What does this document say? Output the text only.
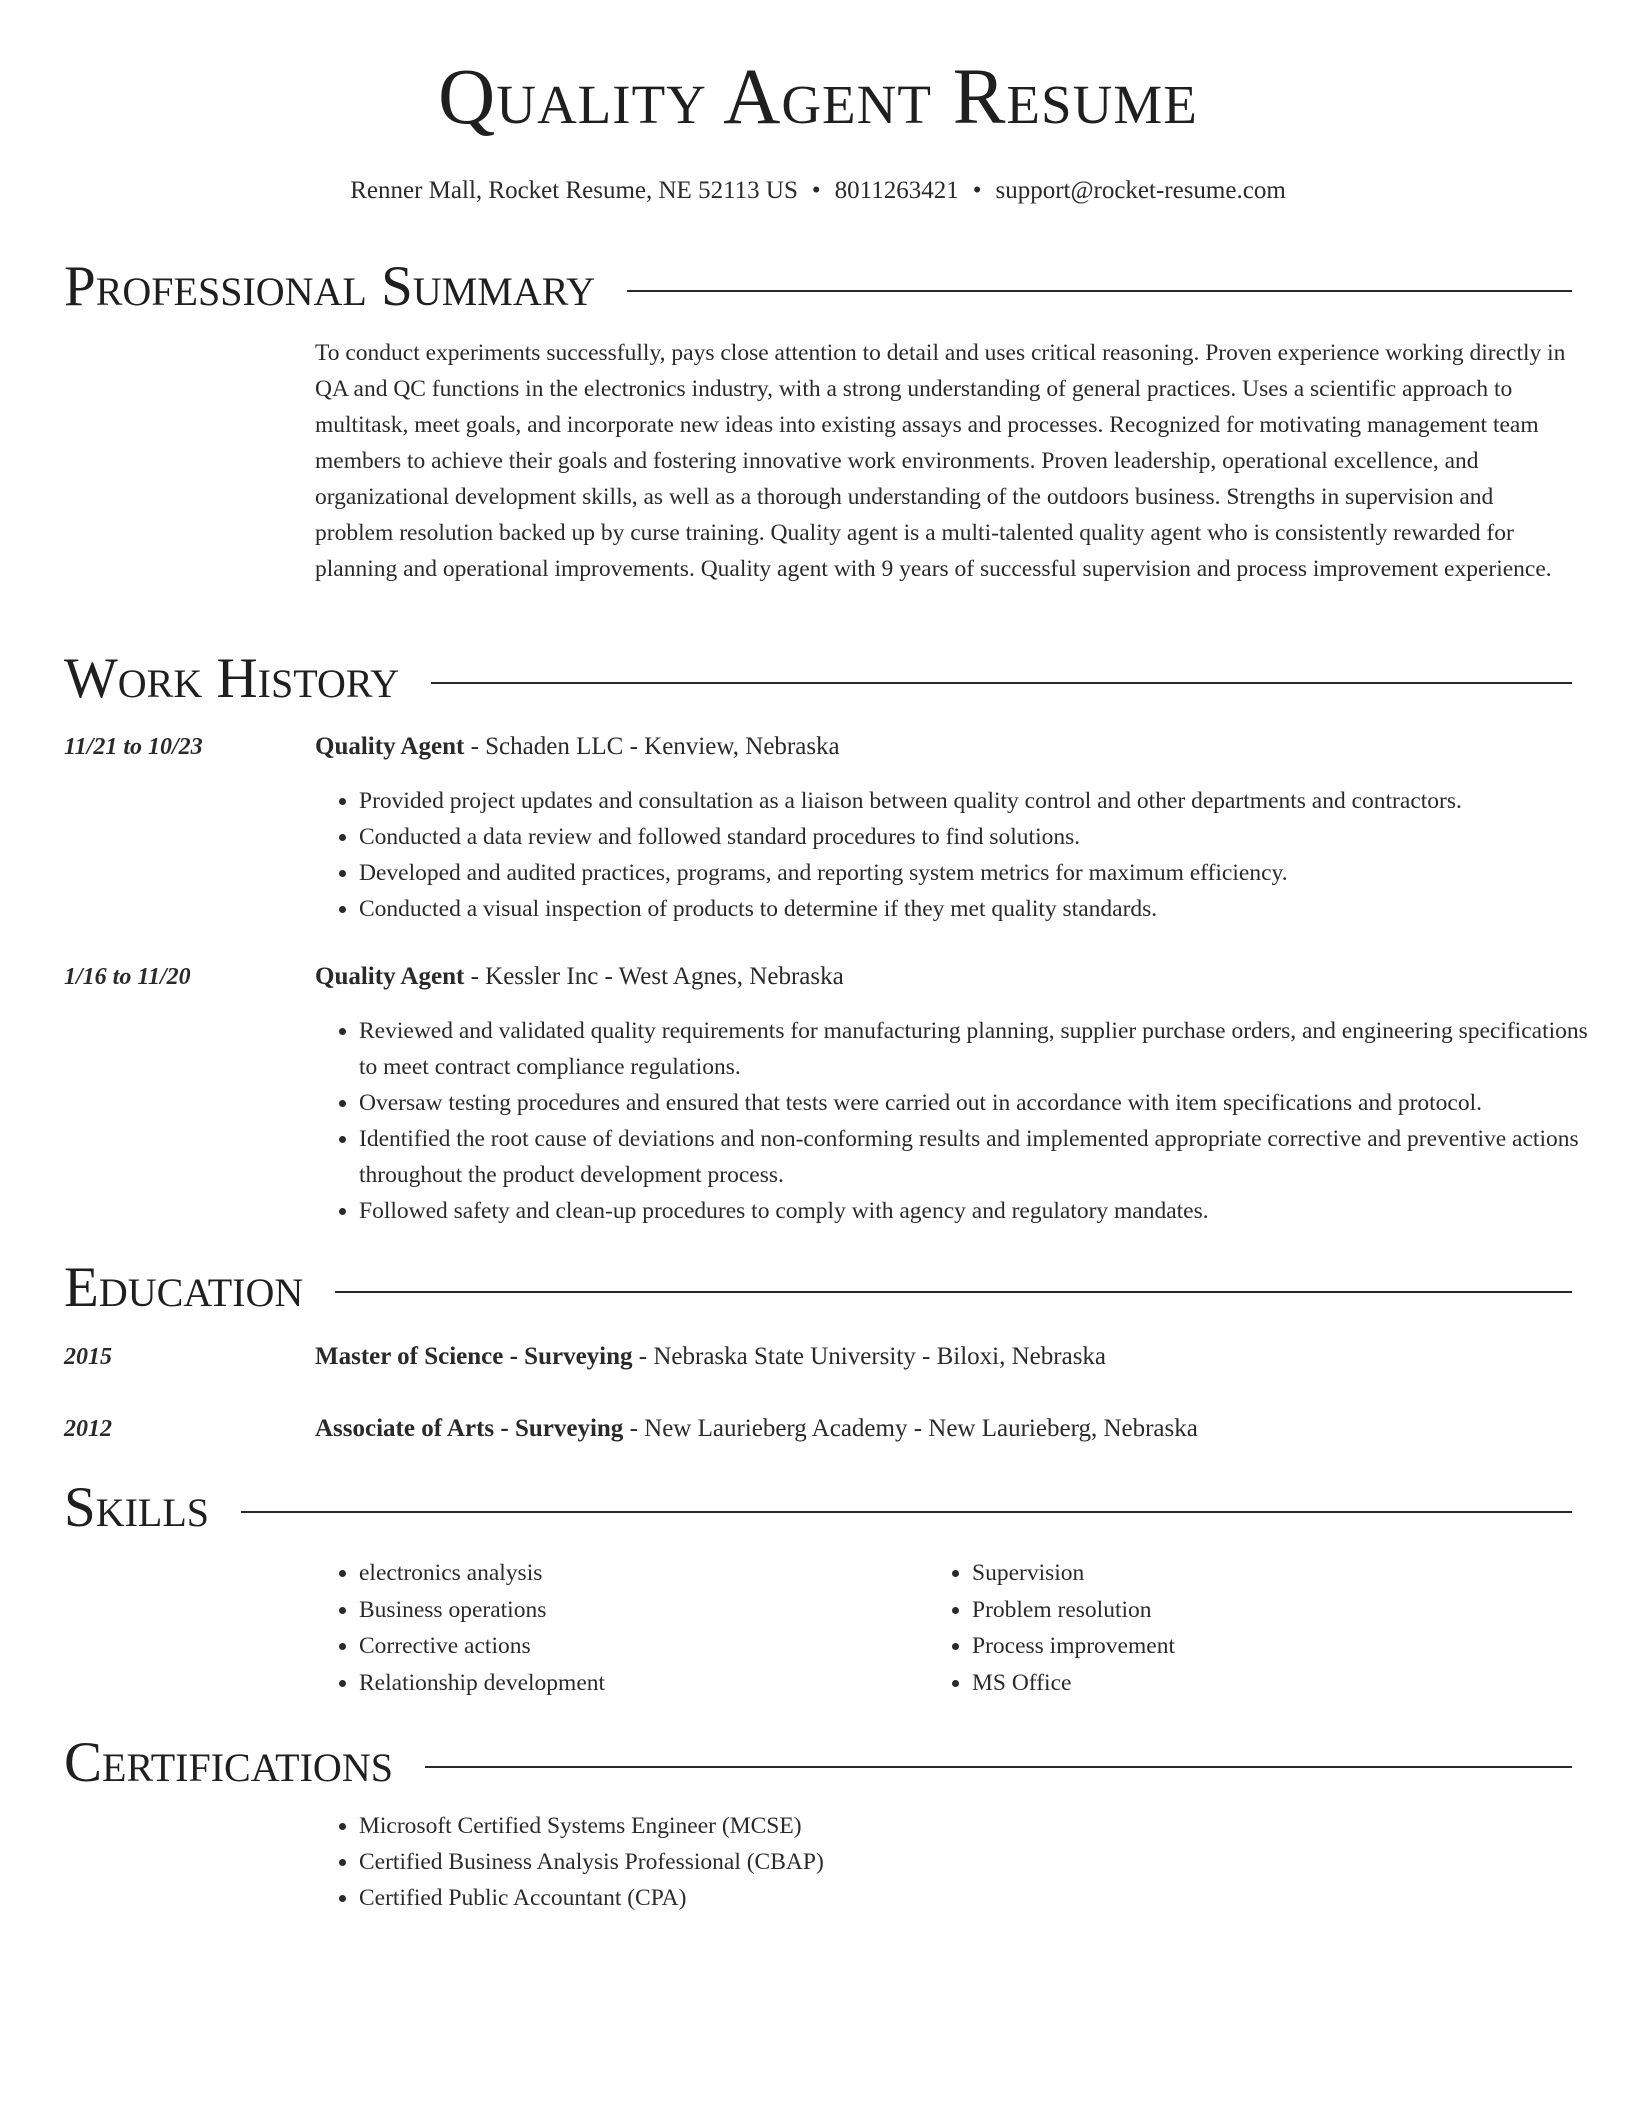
Quality Agent Resume
Renner Mall, Rocket Resume, NE 52113 US • 8011263421 • support@rocket-resume.com
Professional Summary

To conduct experiments successfully, pays close attention to detail and uses critical reasoning. Proven experience working directly in QA and QC functions in the electronics industry, with a strong understanding of general practices. Uses a scientific approach to multitask, meet goals, and incorporate new ideas into existing assays and processes. Recognized for motivating management team members to achieve their goals and fostering innovative work environments. Proven leadership, operational excellence, and organizational development skills, as well as a thorough understanding of the outdoors business. Strengths in supervision and problem resolution backed up by curse training. Quality agent is a multi-talented quality agent who is consistently rewarded for planning and operational improvements. Quality agent with 9 years of successful supervision and process improvement experience.

Work History
11/21 to 10/23	Quality Agent - Schaden LLC - Kenview, Nebraska
• Provided project updates and consultation as a liaison between quality control and other departments and contractors.
• Conducted a data review and followed standard procedures to find solutions.
• Developed and audited practices, programs, and reporting system metrics for maximum efficiency.
• Conducted a visual inspection of products to determine if they met quality standards.
1/16 to 11/20	Quality Agent - Kessler Inc - West Agnes, Nebraska
• Reviewed and validated quality requirements for manufacturing planning, supplier purchase orders, and engineering specifications to meet contract compliance regulations.
• Oversaw testing procedures and ensured that tests were carried out in accordance with item specifications and protocol.
• Identified the root cause of deviations and non-conforming results and implemented appropriate corrective and preventive actions throughout the product development process.
• Followed safety and clean-up procedures to comply with agency and regulatory mandates.
Education
2015	Master of Science - Surveying - Nebraska State University - Biloxi, Nebraska
2012	Associate of Arts - Surveying - New Laurieberg Academy - New Laurieberg, Nebraska
Skills
• electronics analysis
• Business operations
• Corrective actions
• Relationship development
• Supervision
• Problem resolution
• Process improvement
• MS Office
Certifications
• Microsoft Certified Systems Engineer (MCSE)
• Certified Business Analysis Professional (CBAP)
• Certified Public Accountant (CPA)
